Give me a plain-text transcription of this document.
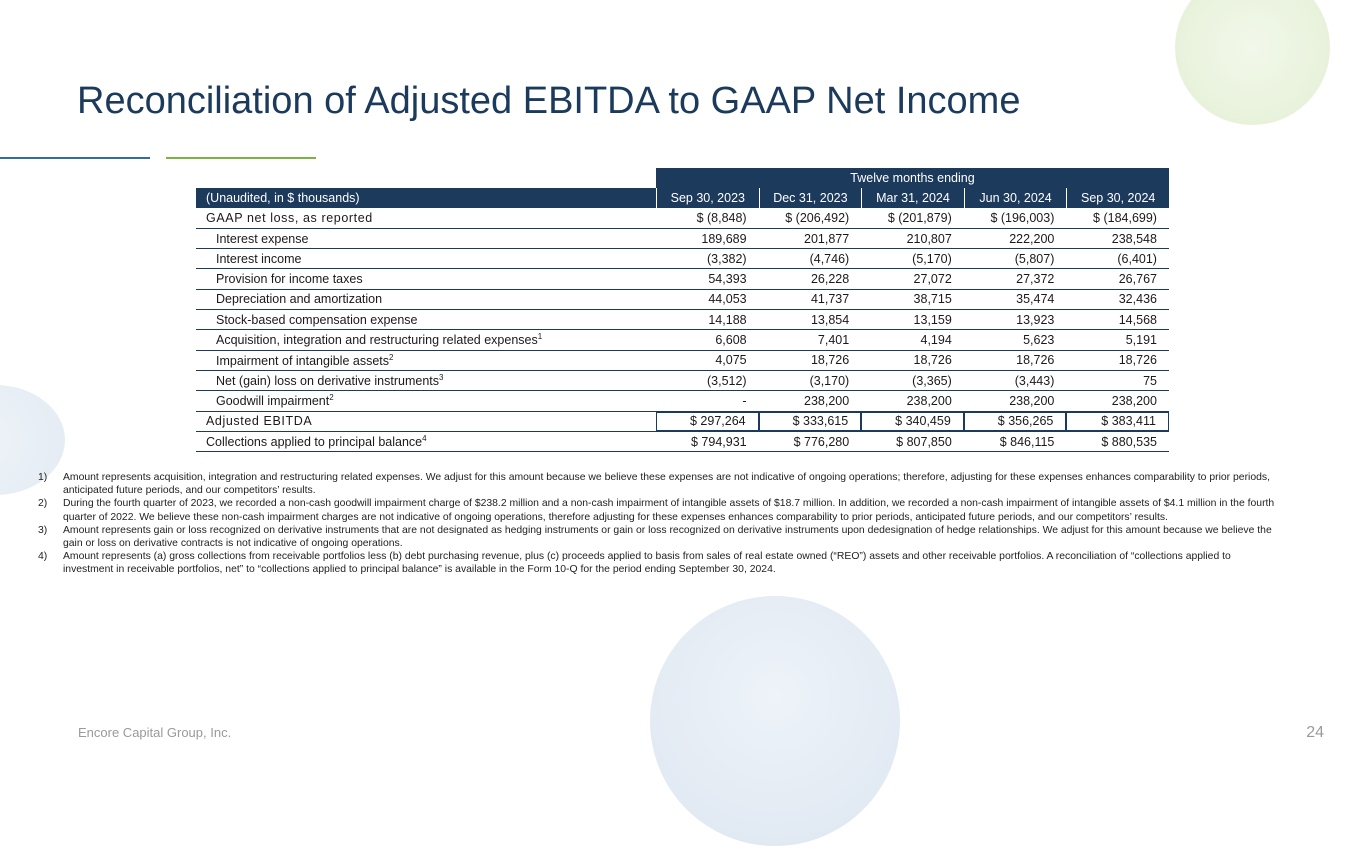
Reconciliation of Adjusted EBITDA to GAAP Net Income
Twelve months ending
(Unaudited, in $ thousands)	Sep 30, 2023	Dec 31, 2023	Mar 31, 2024	Jun 30, 2024	Sep 30, 2024
GAAP net loss, as reported	$ (8,848)	$ (206,492)	$ (201,879)	$ (196,003)	$ (184,699)
Interest expense	189,689	201,877	210,807	222,200	238,548
Interest income	(3,382)	(4,746)	(5,170)	(5,807)	(6,401)
Provision for income taxes	54,393	26,228	27,072	27,372	26,767
Depreciation and amortization	44,053	41,737	38,715	35,474	32,436
Stock-based compensation expense	14,188	13,854	13,159	13,923	14,568
Acquisition, integration and restructuring related expenses$^1$	6,608	7,401	4,194	5,623	5,191
Impairment of intangible assets$^2$	4,075	18,726	18,726	18,726	18,726
Net (gain) loss on derivative instruments$^3$	(3,512)	(3,170)	(3,365)	(3,443)	75
Goodwill impairment$^2$	-	238,200	238,200	238,200	238,200
Adjusted EBITDA	$ 297,264	$ 333,615	$ 340,459	$ 356,265	$ 383,411
Collections applied to principal balance$^4$	$ 794,931	$ 776,280	$ 807,850	$ 846,115	$ 880,535
1)	Amount represents acquisition, integration and restructuring related expenses. We adjust for this amount because we believe these expenses are not indicative of ongoing operations; therefore, adjusting for these expenses enhances comparability to prior periods, anticipated future periods, and our competitors’ results.
2)	During the fourth quarter of 2023, we recorded a non-cash goodwill impairment charge of $238.2 million and a non-cash impairment of intangible assets of $18.7 million. In addition, we recorded a non-cash impairment of intangible assets of $4.1 million in the fourth quarter of 2022. We believe these non-cash impairment charges are not indicative of ongoing operations, therefore adjusting for these expenses enhances comparability to prior periods, anticipated future periods, and our competitors’ results.
3)	Amount represents gain or loss recognized on derivative instruments that are not designated as hedging instruments or gain or loss recognized on derivative instruments upon dedesignation of hedge relationships. We adjust for this amount because we believe the gain or loss on derivative contracts is not indicative of ongoing operations.
4)	Amount represents (a) gross collections from receivable portfolios less (b) debt purchasing revenue, plus (c) proceeds applied to basis from sales of real estate owned (“REO”) assets and other receivable portfolios. A reconciliation of “collections applied to investment in receivable portfolios, net” to “collections applied to principal balance” is available in the Form 10-Q for the period ending September 30, 2024.
Encore Capital Group, Inc.	24
